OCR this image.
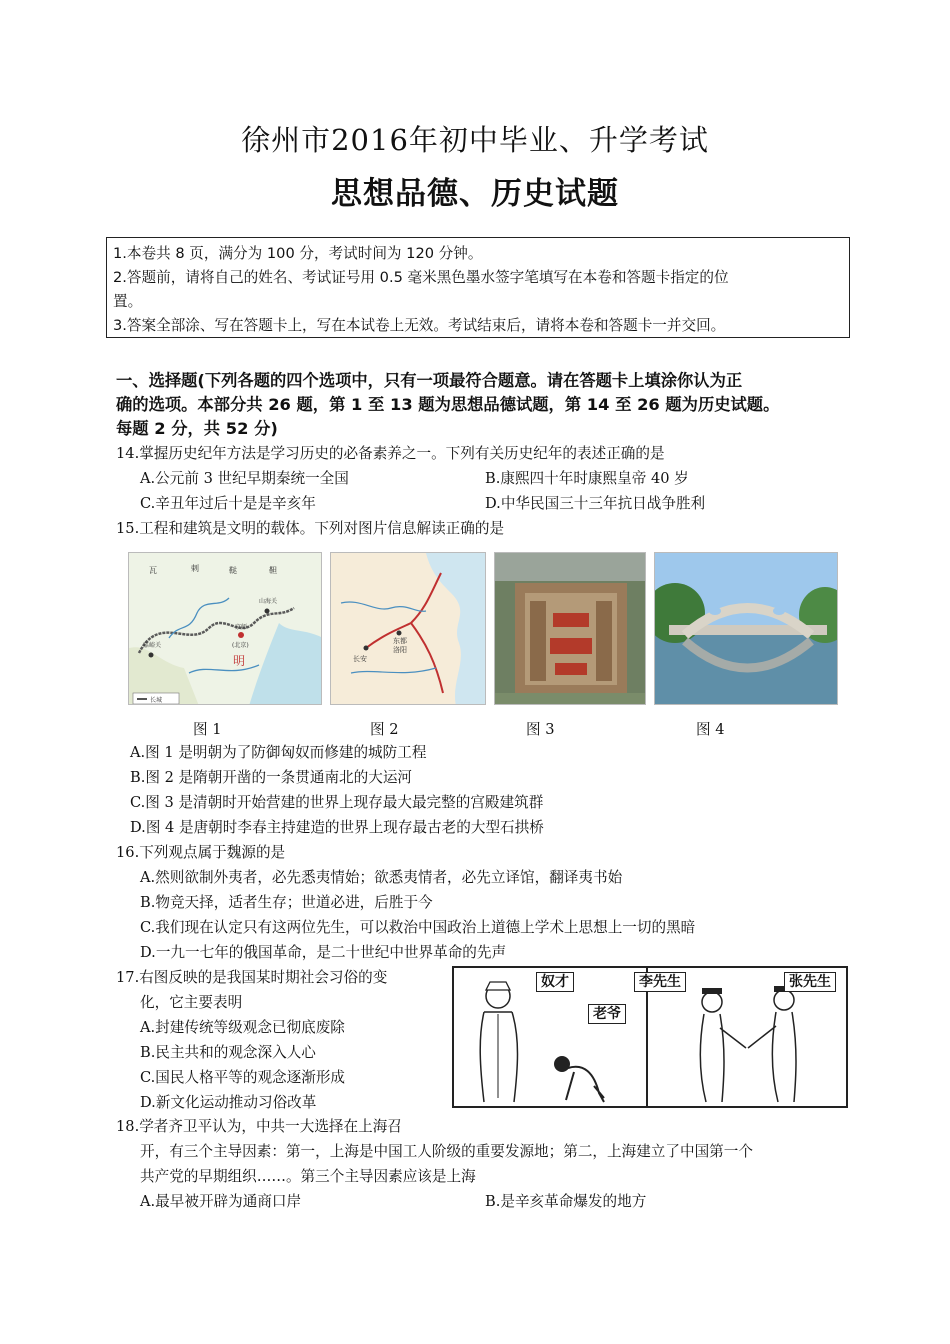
徐州市2016年初中毕业、升学考试
思想品德、历史试题
1.本卷共 8 页，满分为 100 分，考试时间为 120 分钟。
2.答题前，请将自己的姓名、考试证号用 0.5 毫米黑色墨水签字笔填写在本卷和答题卡指定的位
置。
3.答案全部涂、写在答题卡上，写在本试卷上无效。考试结束后，请将本卷和答题卡一并交回。
一、选择题(下列各题的四个选项中，只有一项最符合题意。请在答题卡上填涂你认为正
确的选项。本部分共 26 题，第 1 至 13 题为思想品德试题，第 14 至 26 题为历史试题。
每题 2 分，共 52 分)
14.掌握历史纪年方法是学习历史的必备素养之一。下列有关历史纪年的表述正确的是
A.公元前 3 世纪早期秦统一全国	B.康熙四十年时康熙皇帝 40 岁
C.辛丑年过后十是是辛亥年	D.中华民国三十三年抗日战争胜利
15.工程和建筑是文明的载体。下列对图片信息解读正确的是
瓦	剌	鞑	靼
山海关
嘉峪关
京师
(北京)
明
长城
长安
东都
洛阳
图 1	图 2	图 3	图 4
A.图 1 是明朝为了防御匈奴而修建的城防工程
B.图 2 是隋朝开凿的一条贯通南北的大运河
C.图 3 是清朝时开始营建的世界上现存最大最完整的宫殿建筑群
D.图 4 是唐朝时李春主持建造的世界上现存最古老的大型石拱桥
16.下列观点属于魏源的是
A.然则欲制外夷者，必先悉夷情始；欲悉夷情者，必先立译馆，翻译夷书始
B.物竞天择，适者生存；世道必进，后胜于今
C.我们现在认定只有这两位先生，可以救治中国政治上道德上学术上思想上一切的黑暗
D.一九一七年的俄国革命，是二十世纪中世界革命的先声
17.右图反映的是我国某时期社会习俗的变
化，它主要表明
A.封建传统等级观念已彻底废除
B.民主共和的观念深入人心
C.国民人格平等的观念逐渐形成
D.新文化运动推动习俗改革
奴才
老爷
李先生	张先生
18.学者齐卫平认为，中共一大选择在上海召
开，有三个主导因素：第一，上海是中国工人阶级的重要发源地；第二，上海建立了中国第一个
共产党的早期组织……。第三个主导因素应该是上海
A.最早被开辟为通商口岸	B.是辛亥革命爆发的地方
